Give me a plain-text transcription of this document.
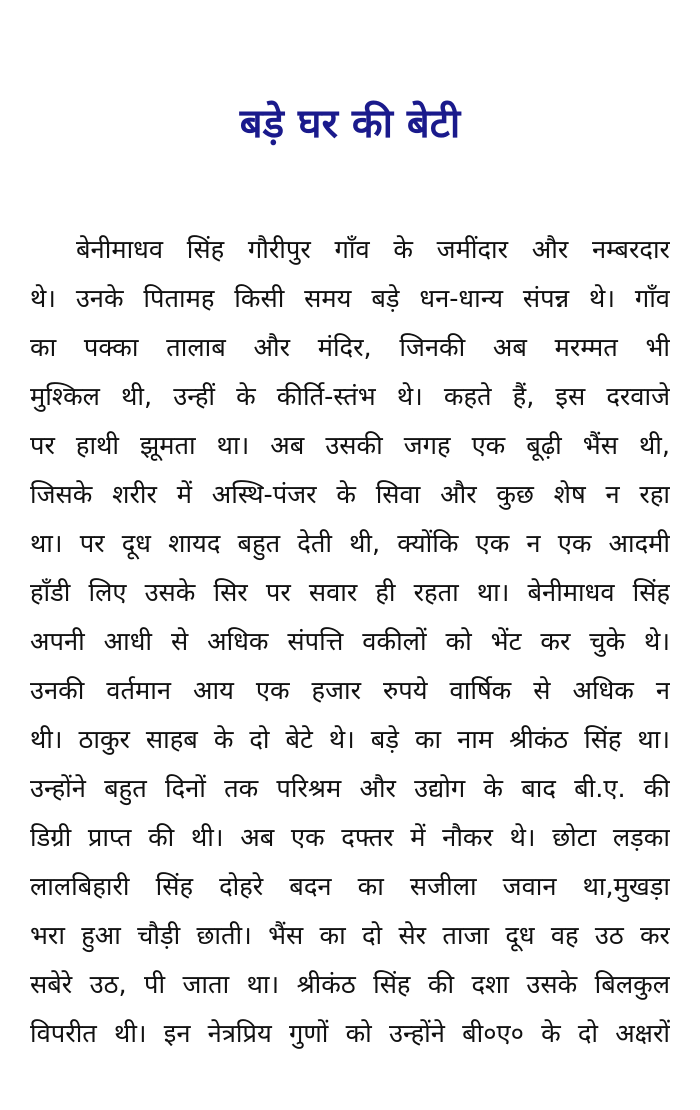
बड़े घर की बेटी
बेनीमाधव सिंह गौरीपुर गाँव के जमींदार और नम्बरदार
थे। उनके पितामह किसी समय बड़े धन-धान्य संपन्न थे। गाँव
का पक्का तालाब और मंदिर, जिनकी अब मरम्मत भी
मुश्किल थी, उन्हीं के कीर्ति-स्तंभ थे। कहते हैं, इस दरवाजे
पर हाथी झूमता था। अब उसकी जगह एक बूढ़ी भैंस थी,
जिसके शरीर में अस्थि-पंजर के सिवा और कुछ शेष न रहा
था। पर दूध शायद बहुत देती थी, क्योंकि एक न एक आदमी
हाँडी लिए उसके सिर पर सवार ही रहता था। बेनीमाधव सिंह
अपनी आधी से अधिक संपत्ति वकीलों को भेंट कर चुके थे।
उनकी वर्तमान आय एक हजार रुपये वार्षिक से अधिक न
थी। ठाकुर साहब के दो बेटे थे। बड़े का नाम श्रीकंठ सिंह था।
उन्होंने बहुत दिनों तक परिश्रम और उद्योग के बाद बी.ए. की
डिग्री प्राप्त की थी। अब एक दफ्तर में नौकर थे। छोटा लड़का
लालबिहारी सिंह दोहरे बदन का सजीला जवान था,मुखड़ा
भरा हुआ चौड़ी छाती। भैंस का दो सेर ताजा दूध वह उठ कर
सबेरे उठ, पी जाता था। श्रीकंठ सिंह की दशा उसके बिलकुल
विपरीत थी। इन नेत्रप्रिय गुणों को उन्होंने बी०ए० के दो अक्षरों
